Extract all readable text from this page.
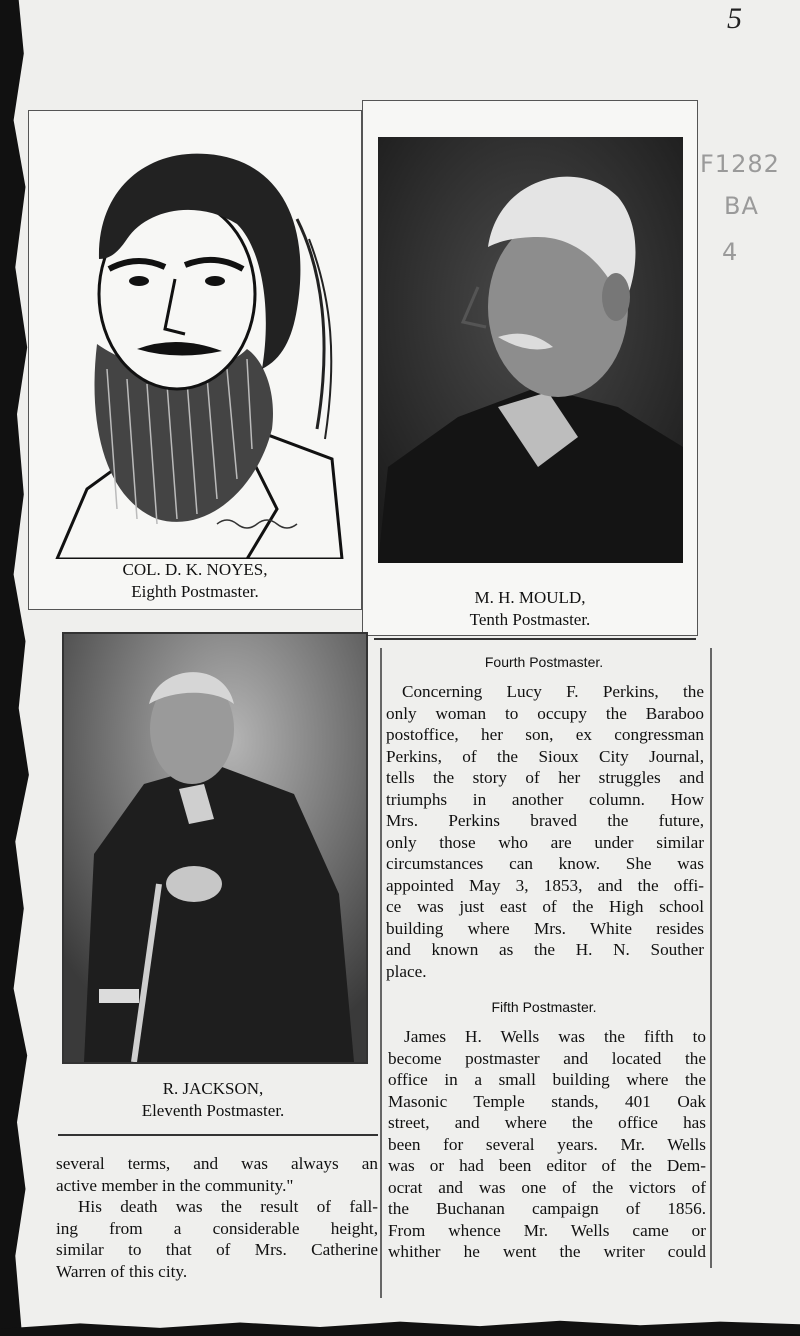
5
F1282
BA
4
COL. D. K. NOYES,
Eighth Postmaster.	M. H. MOULD,
Tenth Postmaster.
R. JACKSON,
Eleventh Postmaster.
Fourth Postmaster.
Concerning Lucy F. Perkins, the
only woman to occupy the Baraboo
postoffice, her son, ex congressman
Perkins, of the Sioux City Journal,
tells the story of her struggles and
triumphs in another column. How
Mrs. Perkins braved the future,
only those who are under similar
circumstances can know. She was
appointed May 3, 1853, and the offi-
ce was just east of the High school
building where Mrs. White resides
and known as the H. N. Souther
place.
Fifth Postmaster.
James H. Wells was the fifth to
become postmaster and located the
office in a small building where the
Masonic Temple stands, 401 Oak
street, and where the office has
been for several years. Mr. Wells
was or had been editor of the Dem-
ocrat and was one of the victors of
the Buchanan campaign of 1856.
From whence Mr. Wells came or
whither he went the writer could
several terms, and was always an
active member in the community."
His death was the result of fall-
ing from a considerable height,
similar to that of Mrs. Catherine
Warren of this city.
